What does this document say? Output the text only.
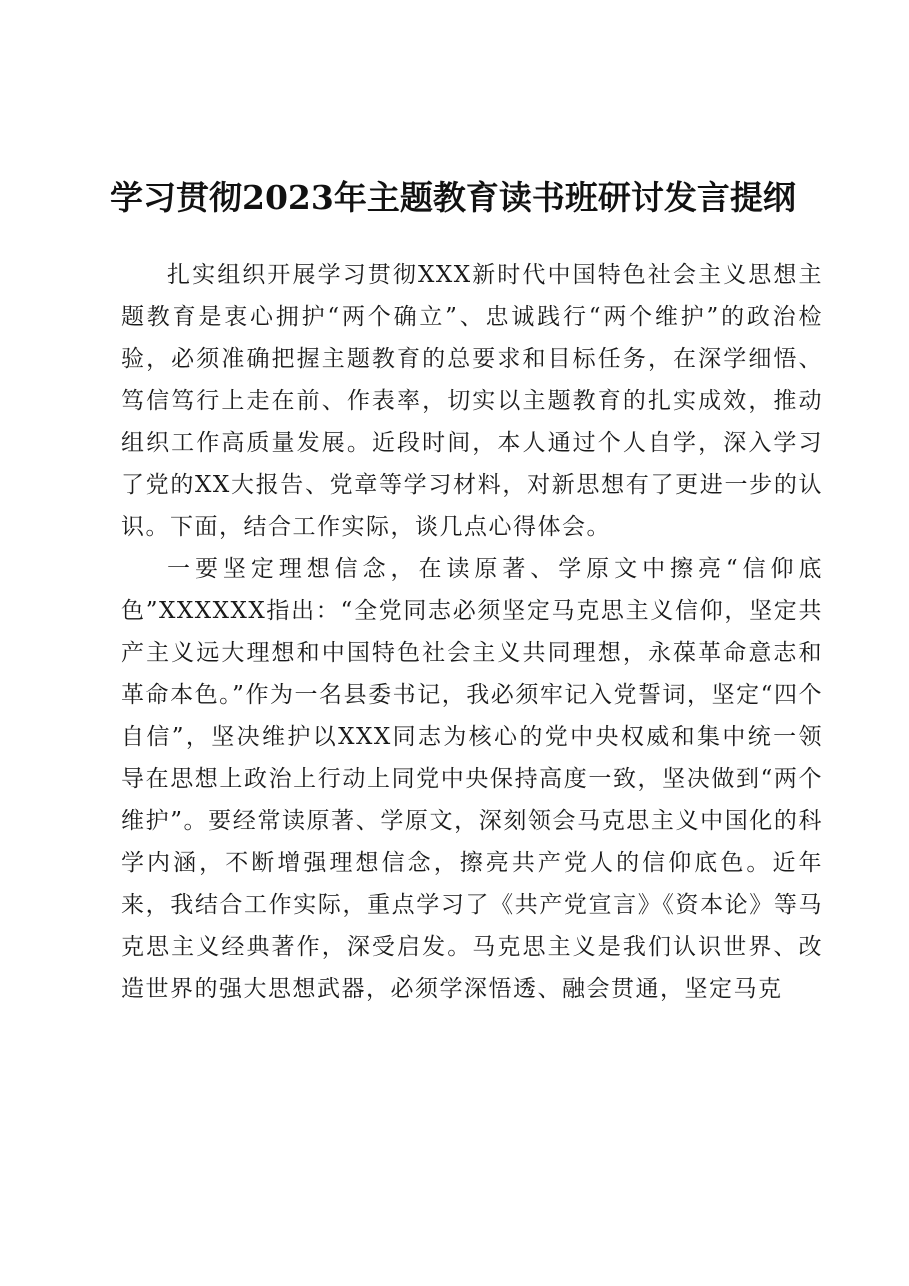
学习贯彻2023年主题教育读书班研讨发言提纲

扎实组织开展学习贯彻XXX新时代中国特色社会主义思想主题教育是衷心拥护“两个确立”、忠诚践行“两个维护”的政治检验，必须准确把握主题教育的总要求和目标任务，在深学细悟、笃信笃行上走在前、作表率，切实以主题教育的扎实成效，推动组织工作高质量发展。近段时间，本人通过个人自学，深入学习了党的XX大报告、党章等学习材料，对新思想有了更进一步的认识。下面，结合工作实际，谈几点心得体会。

一要坚定理想信念，在读原著、学原文中擦亮“信仰底色”XXXXXX指出：“全党同志必须坚定马克思主义信仰，坚定共产主义远大理想和中国特色社会主义共同理想，永葆革命意志和革命本色。”作为一名县委书记，我必须牢记入党誓词，坚定“四个自信”，坚决维护以XXX同志为核心的党中央权威和集中统一领导在思想上政治上行动上同党中央保持高度一致，坚决做到“两个维护”。要经常读原著、学原文，深刻领会马克思主义中国化的科学内涵，不断增强理想信念，擦亮共产党人的信仰底色。近年来，我结合工作实际，重点学习了《共产党宣言》《资本论》等马克思主义经典著作，深受启发。马克思主义是我们认识世界、改造世界的强大思想武器，必须学深悟透、融会贯通，坚定马克
